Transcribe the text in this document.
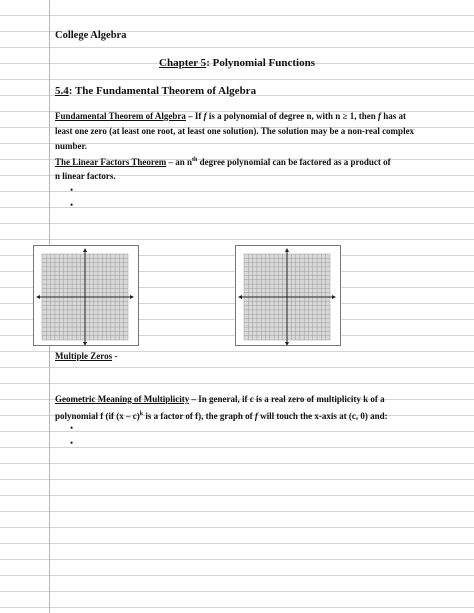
College Algebra
Chapter 5: Polynomial Functions
5.4: The Fundamental Theorem of Algebra
Fundamental Theorem of Algebra – If f is a polynomial of degree n, with n ≥ 1, then f has at
least one zero (at least one root, at least one solution). The solution may be a non-real complex
number.
The Linear Factors Theorem – an $n^{th}$ degree polynomial can be factored as a product of
n linear factors.
•
•
Multiple Zeros -
Geometric Meaning of Multiplicity – In general, if c is a real zero of multiplicity k of a
polynomial f (if (x – c)$^k$ is a factor of f), the graph of f will touch the x-axis at (c, 0) and:
•
•
